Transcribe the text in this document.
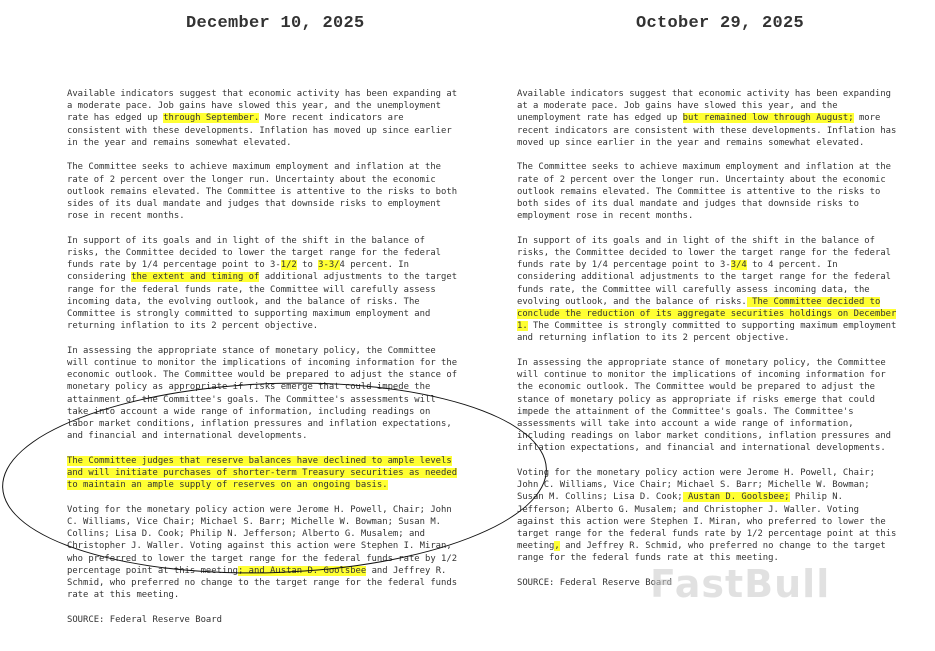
December 10, 2025	October 29, 2025
Available indicators suggest that economic activity has been expanding at
a moderate pace. Job gains have slowed this year, and the unemployment
rate has edged up through September. More recent indicators are
consistent with these developments. Inflation has moved up since earlier
in the year and remains somewhat elevated.
The Committee seeks to achieve maximum employment and inflation at the
rate of 2 percent over the longer run. Uncertainty about the economic
outlook remains elevated. The Committee is attentive to the risks to both
sides of its dual mandate and judges that downside risks to employment
rose in recent months.
In support of its goals and in light of the shift in the balance of
risks, the Committee decided to lower the target range for the federal
funds rate by 1/4 percentage point to 3-1/2 to 3-3/4 percent. In
considering the extent and timing of additional adjustments to the target
range for the federal funds rate, the Committee will carefully assess
incoming data, the evolving outlook, and the balance of risks. The
Committee is strongly committed to supporting maximum employment and
returning inflation to its 2 percent objective.
In assessing the appropriate stance of monetary policy, the Committee
will continue to monitor the implications of incoming information for the
economic outlook. The Committee would be prepared to adjust the stance of
monetary policy as appropriate if risks emerge that could impede the
attainment of the Committee's goals. The Committee's assessments will
take into account a wide range of information, including readings on
labor market conditions, inflation pressures and inflation expectations,
and financial and international developments.
The Committee judges that reserve balances have declined to ample levels
and will initiate purchases of shorter-term Treasury securities as needed
to maintain an ample supply of reserves on an ongoing basis.
Voting for the monetary policy action were Jerome H. Powell, Chair; John
C. Williams, Vice Chair; Michael S. Barr; Michelle W. Bowman; Susan M.
Collins; Lisa D. Cook; Philip N. Jefferson; Alberto G. Musalem; and
Christopher J. Waller. Voting against this action were Stephen I. Miran,
who preferred to lower the target range for the federal funds rate by 1/2
percentage point at this meeting; and Austan D. Goolsbee and Jeffrey R.
Schmid, who preferred no change to the target range for the federal funds
rate at this meeting.
SOURCE: Federal Reserve Board
Available indicators suggest that economic activity has been expanding
at a moderate pace. Job gains have slowed this year, and the
unemployment rate has edged up but remained low through August; more
recent indicators are consistent with these developments. Inflation has
moved up since earlier in the year and remains somewhat elevated.
The Committee seeks to achieve maximum employment and inflation at the
rate of 2 percent over the longer run. Uncertainty about the economic
outlook remains elevated. The Committee is attentive to the risks to
both sides of its dual mandate and judges that downside risks to
employment rose in recent months.
In support of its goals and in light of the shift in the balance of
risks, the Committee decided to lower the target range for the federal
funds rate by 1/4 percentage point to 3-3/4 to 4 percent. In
considering additional adjustments to the target range for the federal
funds rate, the Committee will carefully assess incoming data, the
evolving outlook, and the balance of risks. The Committee decided to
conclude the reduction of its aggregate securities holdings on December
1. The Committee is strongly committed to supporting maximum employment
and returning inflation to its 2 percent objective.
In assessing the appropriate stance of monetary policy, the Committee
will continue to monitor the implications of incoming information for
the economic outlook. The Committee would be prepared to adjust the
stance of monetary policy as appropriate if risks emerge that could
impede the attainment of the Committee's goals. The Committee's
assessments will take into account a wide range of information,
including readings on labor market conditions, inflation pressures and
inflation expectations, and financial and international developments.
Voting for the monetary policy action were Jerome H. Powell, Chair;
John C. Williams, Vice Chair; Michael S. Barr; Michelle W. Bowman;
Susan M. Collins; Lisa D. Cook; Austan D. Goolsbee; Philip N.
Jefferson; Alberto G. Musalem; and Christopher J. Waller. Voting
against this action were Stephen I. Miran, who preferred to lower the
target range for the federal funds rate by 1/2 percentage point at this
meeting, and Jeffrey R. Schmid, who preferred no change to the target
range for the federal funds rate at this meeting.
SOURCE: Federal Reserve Board
FastBull
